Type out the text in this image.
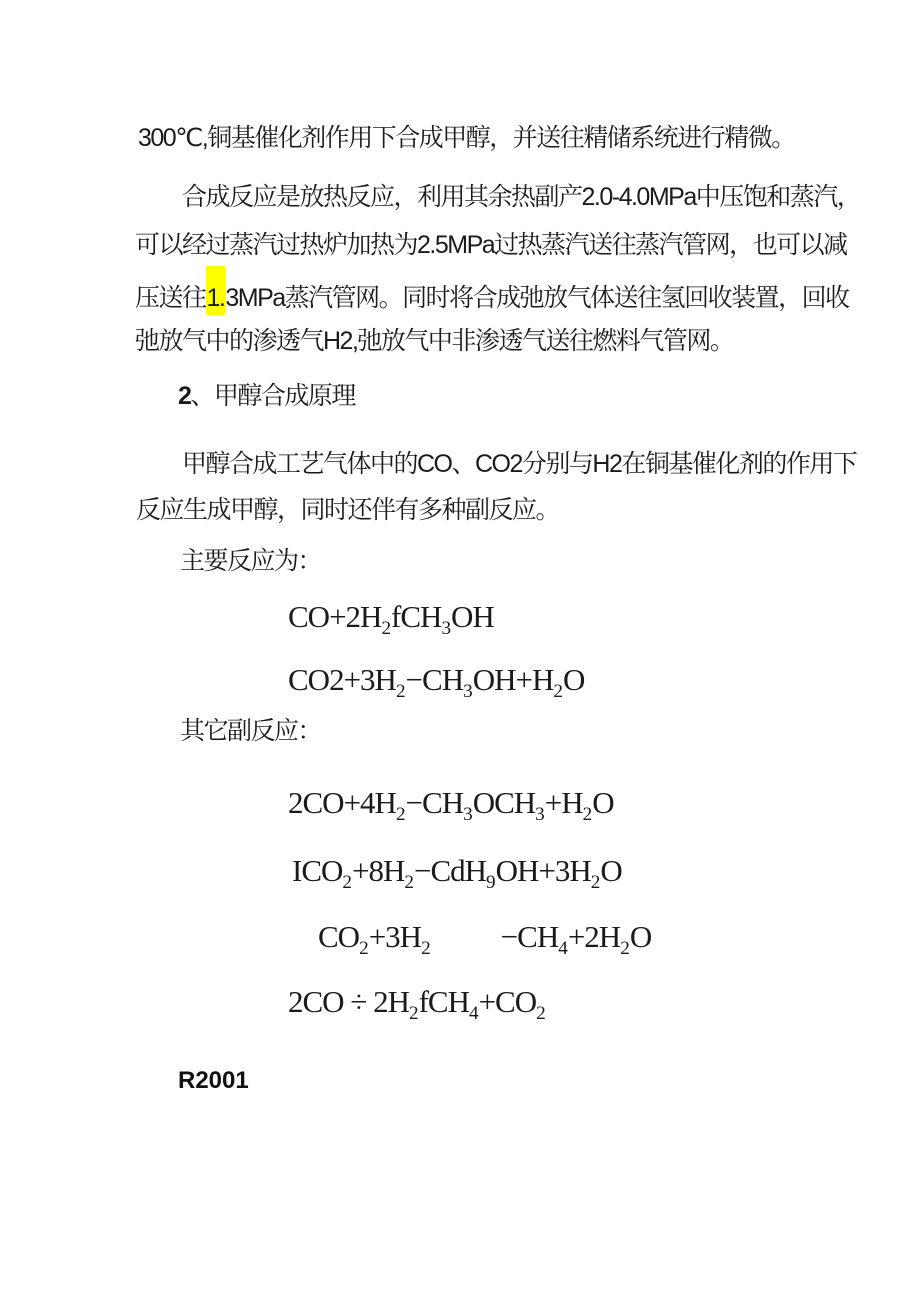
300℃,铜基催化剂作用下合成甲醇，并送往精储系统进行精微。
合成反应是放热反应，利用其余热副产2.0-4.0MPa中压饱和蒸汽，
可以经过蒸汽过热炉加热为2.5MPa过热蒸汽送往蒸汽管网，也可以减
压送往1.3MPa蒸汽管网。同时将合成弛放气体送往氢回收装置，回收
弛放气中的渗透气H2,弛放气中非渗透气送往燃料气管网。
2、甲醇合成原理
甲醇合成工艺气体中的CO、CO2分别与H2在铜基催化剂的作用下
反应生成甲醇，同时还伴有多种副反应。
主要反应为：
$CO+2H_2fCH_3OH$
$CO2+3H_2-CH_3OH+H_2O$
其它副反应：
$2CO+4H_2-CH_3OCH_3+H_2O$
$ICO_2+8H_2-CdH_9OH+3H_2O$
$CO_2+3H_2 -CH_4+2H_2O$
$2CO \div 2H_2fCH_4+CO_2$
R2001
